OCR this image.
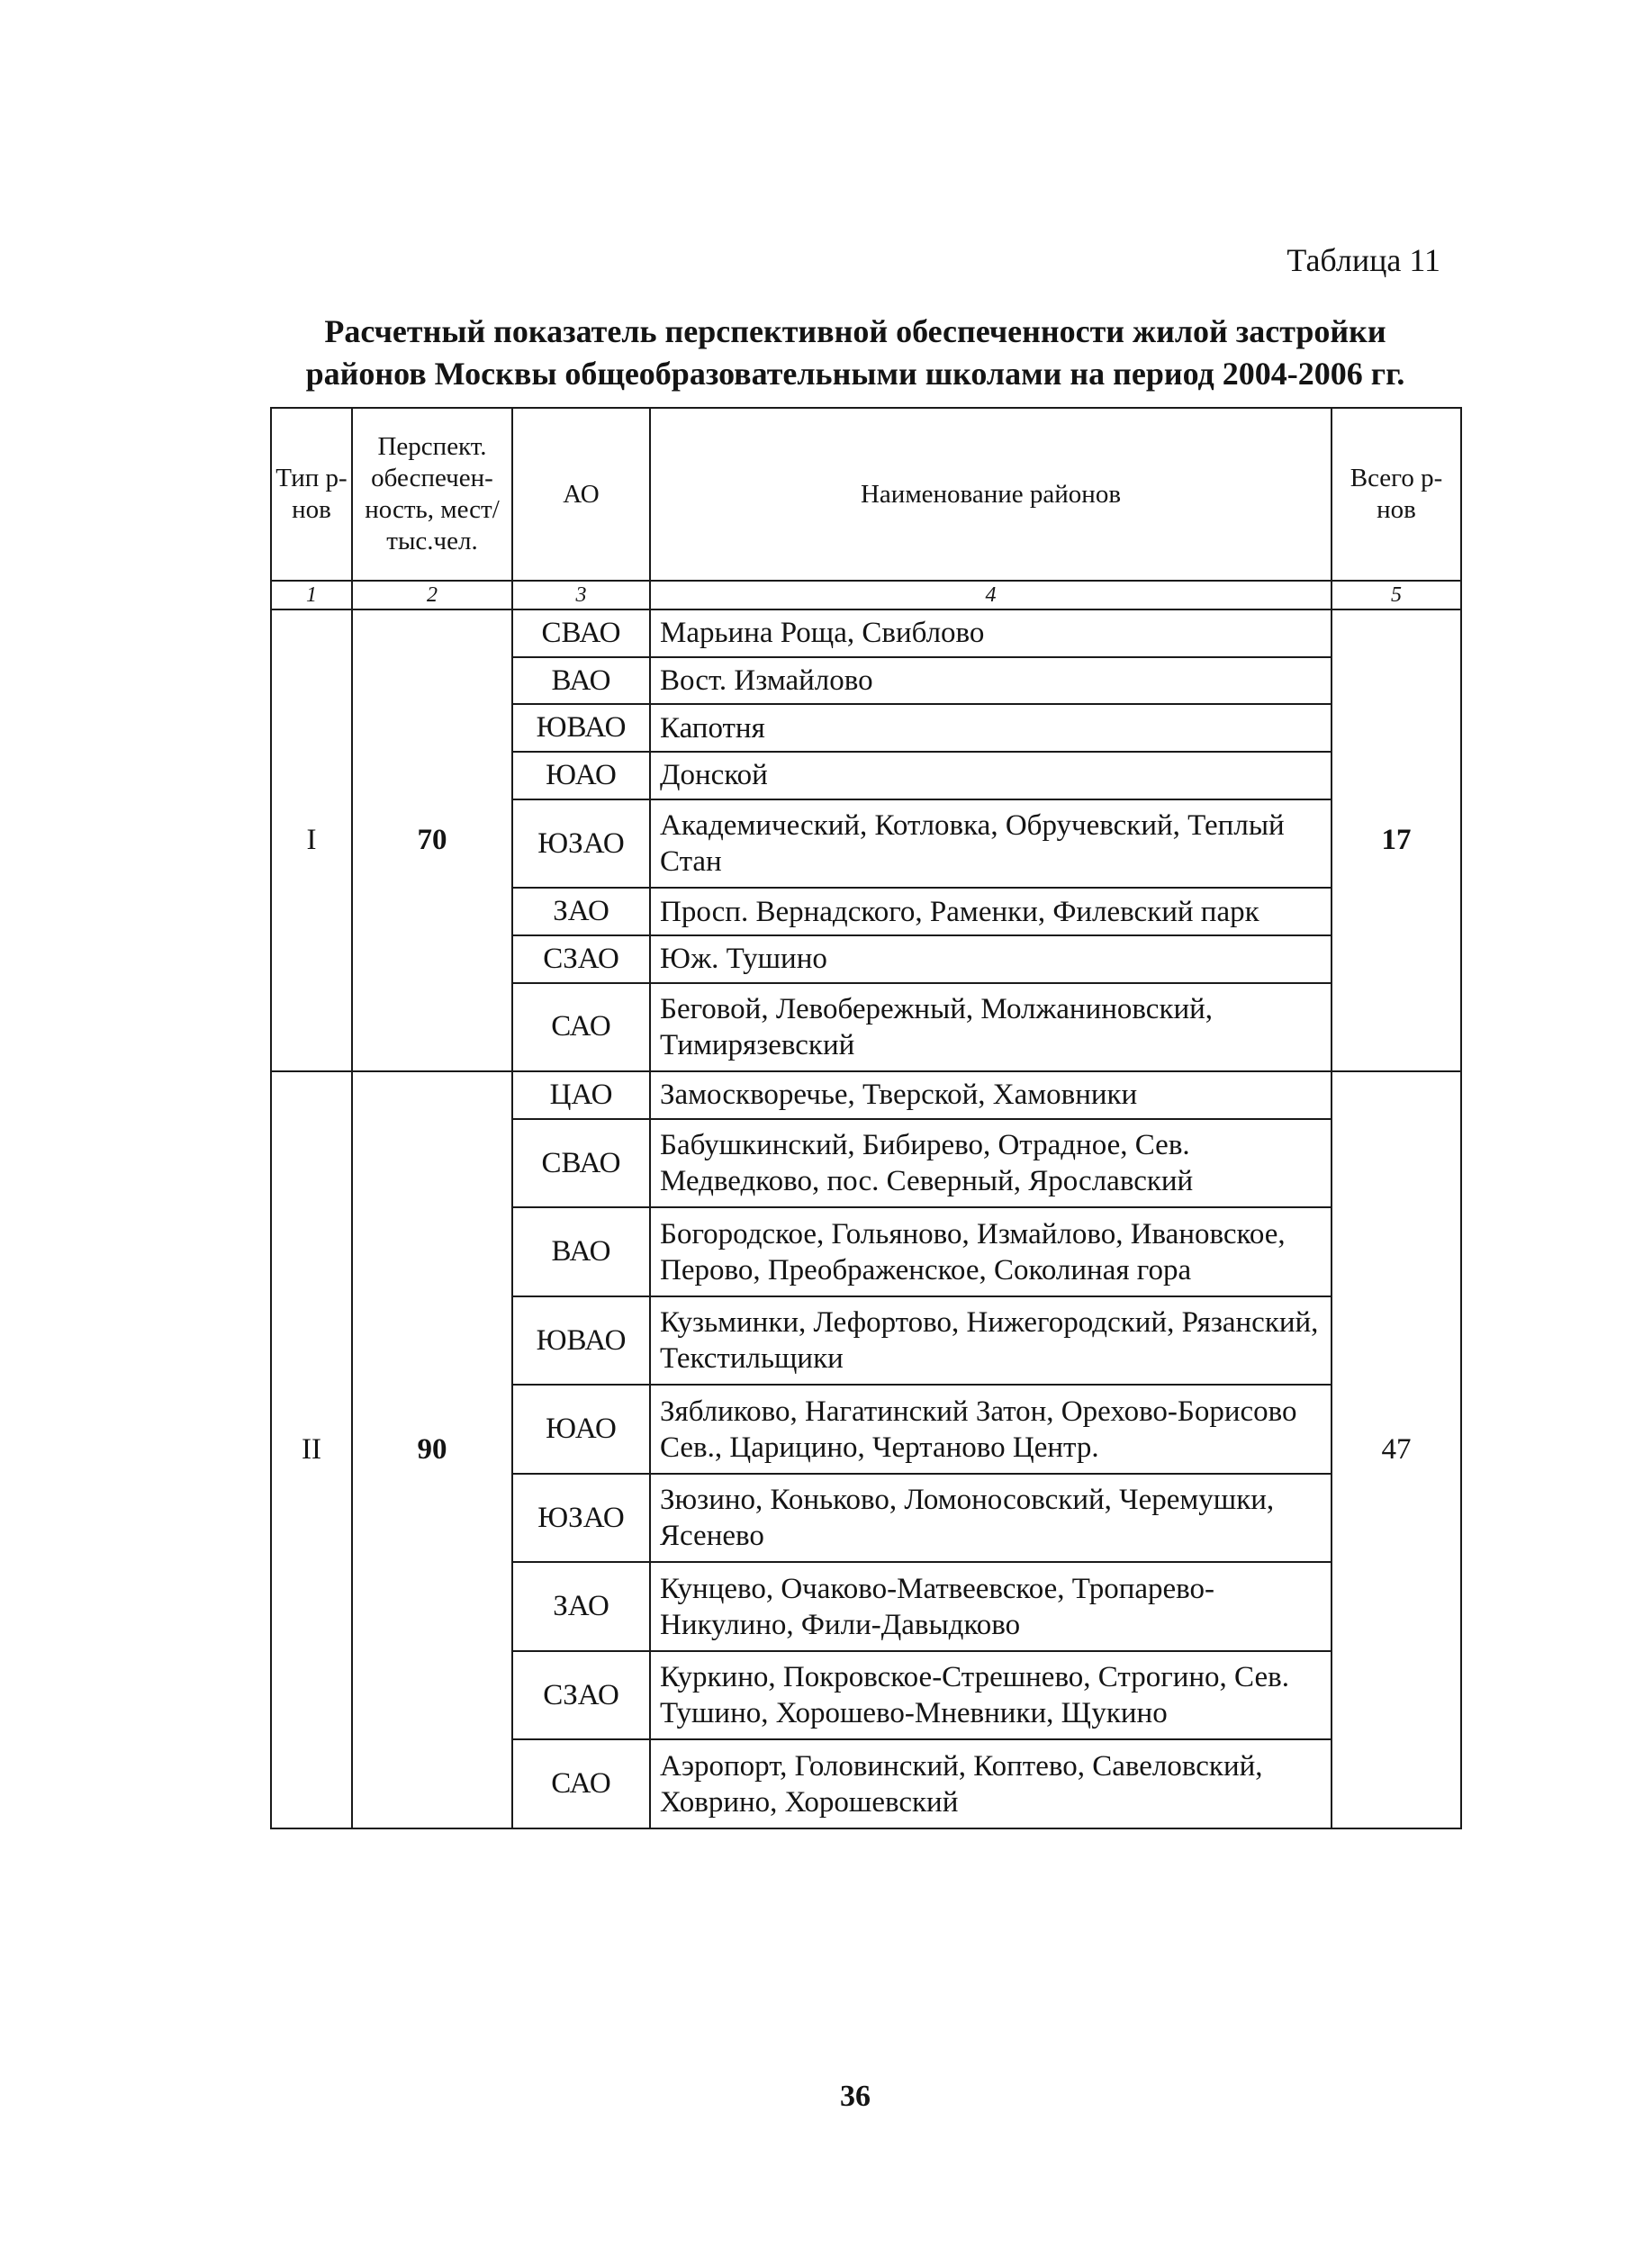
Таблица 11
Расчетный показатель перспективной обеспеченности жилой застройки
районов Москвы общеобразовательными школами на период 2004-2006 гг.
Тип р-нов	Перспект. обеспечен-ность, мест/ тыс.чел.	АО	Наименование районов	Всего р-нов
1	2	3	4	5
I	70	СВАО	Марьина Роща, Свиблово	17
		ВАО	Вост. Измайлово	
		ЮВАО	Капотня	
		ЮАО	Донской	
		ЮЗАО	Академический, Котловка, Обручевский, Теплый Стан	
		ЗАО	Просп. Вернадского, Раменки, Филевский парк	
		СЗАО	Юж. Тушино	
		САО	Беговой, Левобережный, Молжаниновский, Тимирязевский	
II	90	ЦАО	Замоскворечье, Тверской, Хамовники	47
		СВАО	Бабушкинский, Бибирево, Отрадное, Сев. Медведково, пос. Северный, Ярославский	
		ВАО	Богородское, Гольяново, Измайлово, Ивановское, Перово, Преображенское, Соколиная гора	
		ЮВАО	Кузьминки, Лефортово, Нижегородский, Рязанский, Текстильщики	
		ЮАО	Зябликово, Нагатинский Затон, Орехово-Борисово Сев., Царицино, Чертаново Центр.	
		ЮЗАО	Зюзино, Коньково, Ломоносовский, Черемушки, Ясенево	
		ЗАО	Кунцево, Очаково-Матвеевское, Тропарево-Никулино, Фили-Давыдково	
		СЗАО	Куркино, Покровское-Стрешнево, Строгино, Сев. Тушино, Хорошево-Мневники, Щукино	
		САО	Аэропорт, Головинский, Коптево, Савеловский, Ховрино, Хорошевский	
36
